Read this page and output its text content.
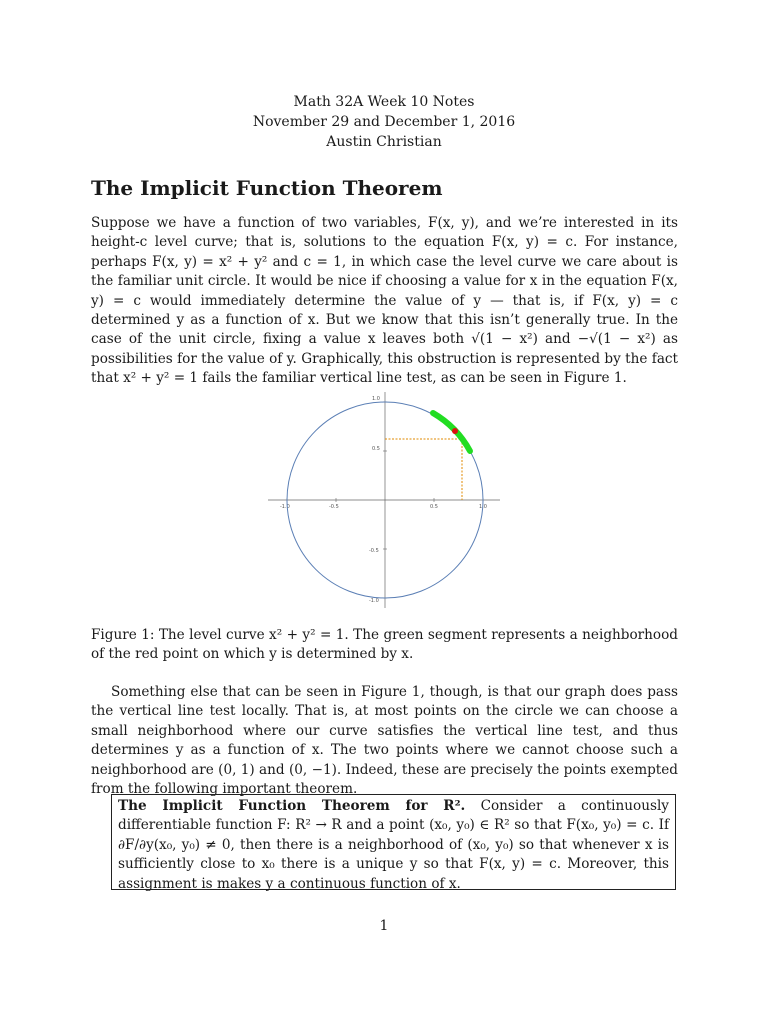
Math 32A Week 10 Notes
November 29 and December 1, 2016
Austin Christian
The Implicit Function Theorem

Suppose we have a function of two variables, F(x, y), and we’re interested in its height-c level curve; that is, solutions to the equation F(x, y) = c. For instance, perhaps F(x, y) = x² + y² and c = 1, in which case the level curve we care about is the familiar unit circle. It would be nice if choosing a value for x in the equation F(x, y) = c would immediately determine the value of y — that is, if F(x, y) = c determined y as a function of x. But we know that this isn’t generally true. In the case of the unit circle, fixing a value x leaves both √(1 − x²) and −√(1 − x²) as possibilities for the value of y. Graphically, this obstruction is represented by the fact that x² + y² = 1 fails the familiar vertical line test, as can be seen in Figure 1.

-1.0	-0.5	0.5	1.0
1.0
0.5
-0.5
-1.0

Figure 1: The level curve x² + y² = 1. The green segment represents a neighborhood of the red point on which y is determined by x.

Something else that can be seen in Figure 1, though, is that our graph does pass the vertical line test locally. That is, at most points on the circle we can choose a small neighborhood where our curve satisfies the vertical line test, and thus determines y as a function of x. The two points where we cannot choose such a neighborhood are (0, 1) and (0, −1). Indeed, these are precisely the points exempted from the following important theorem.

The Implicit Function Theorem for R². Consider a continuously differentiable function F: R² → R and a point (x₀, y₀) ∈ R² so that F(x₀, y₀) = c. If ∂F/∂y(x₀, y₀) ≠ 0, then there is a neighborhood of (x₀, y₀) so that whenever x is sufficiently close to x₀ there is a unique y so that F(x, y) = c. Moreover, this assignment is makes y a continuous function of x.

1
